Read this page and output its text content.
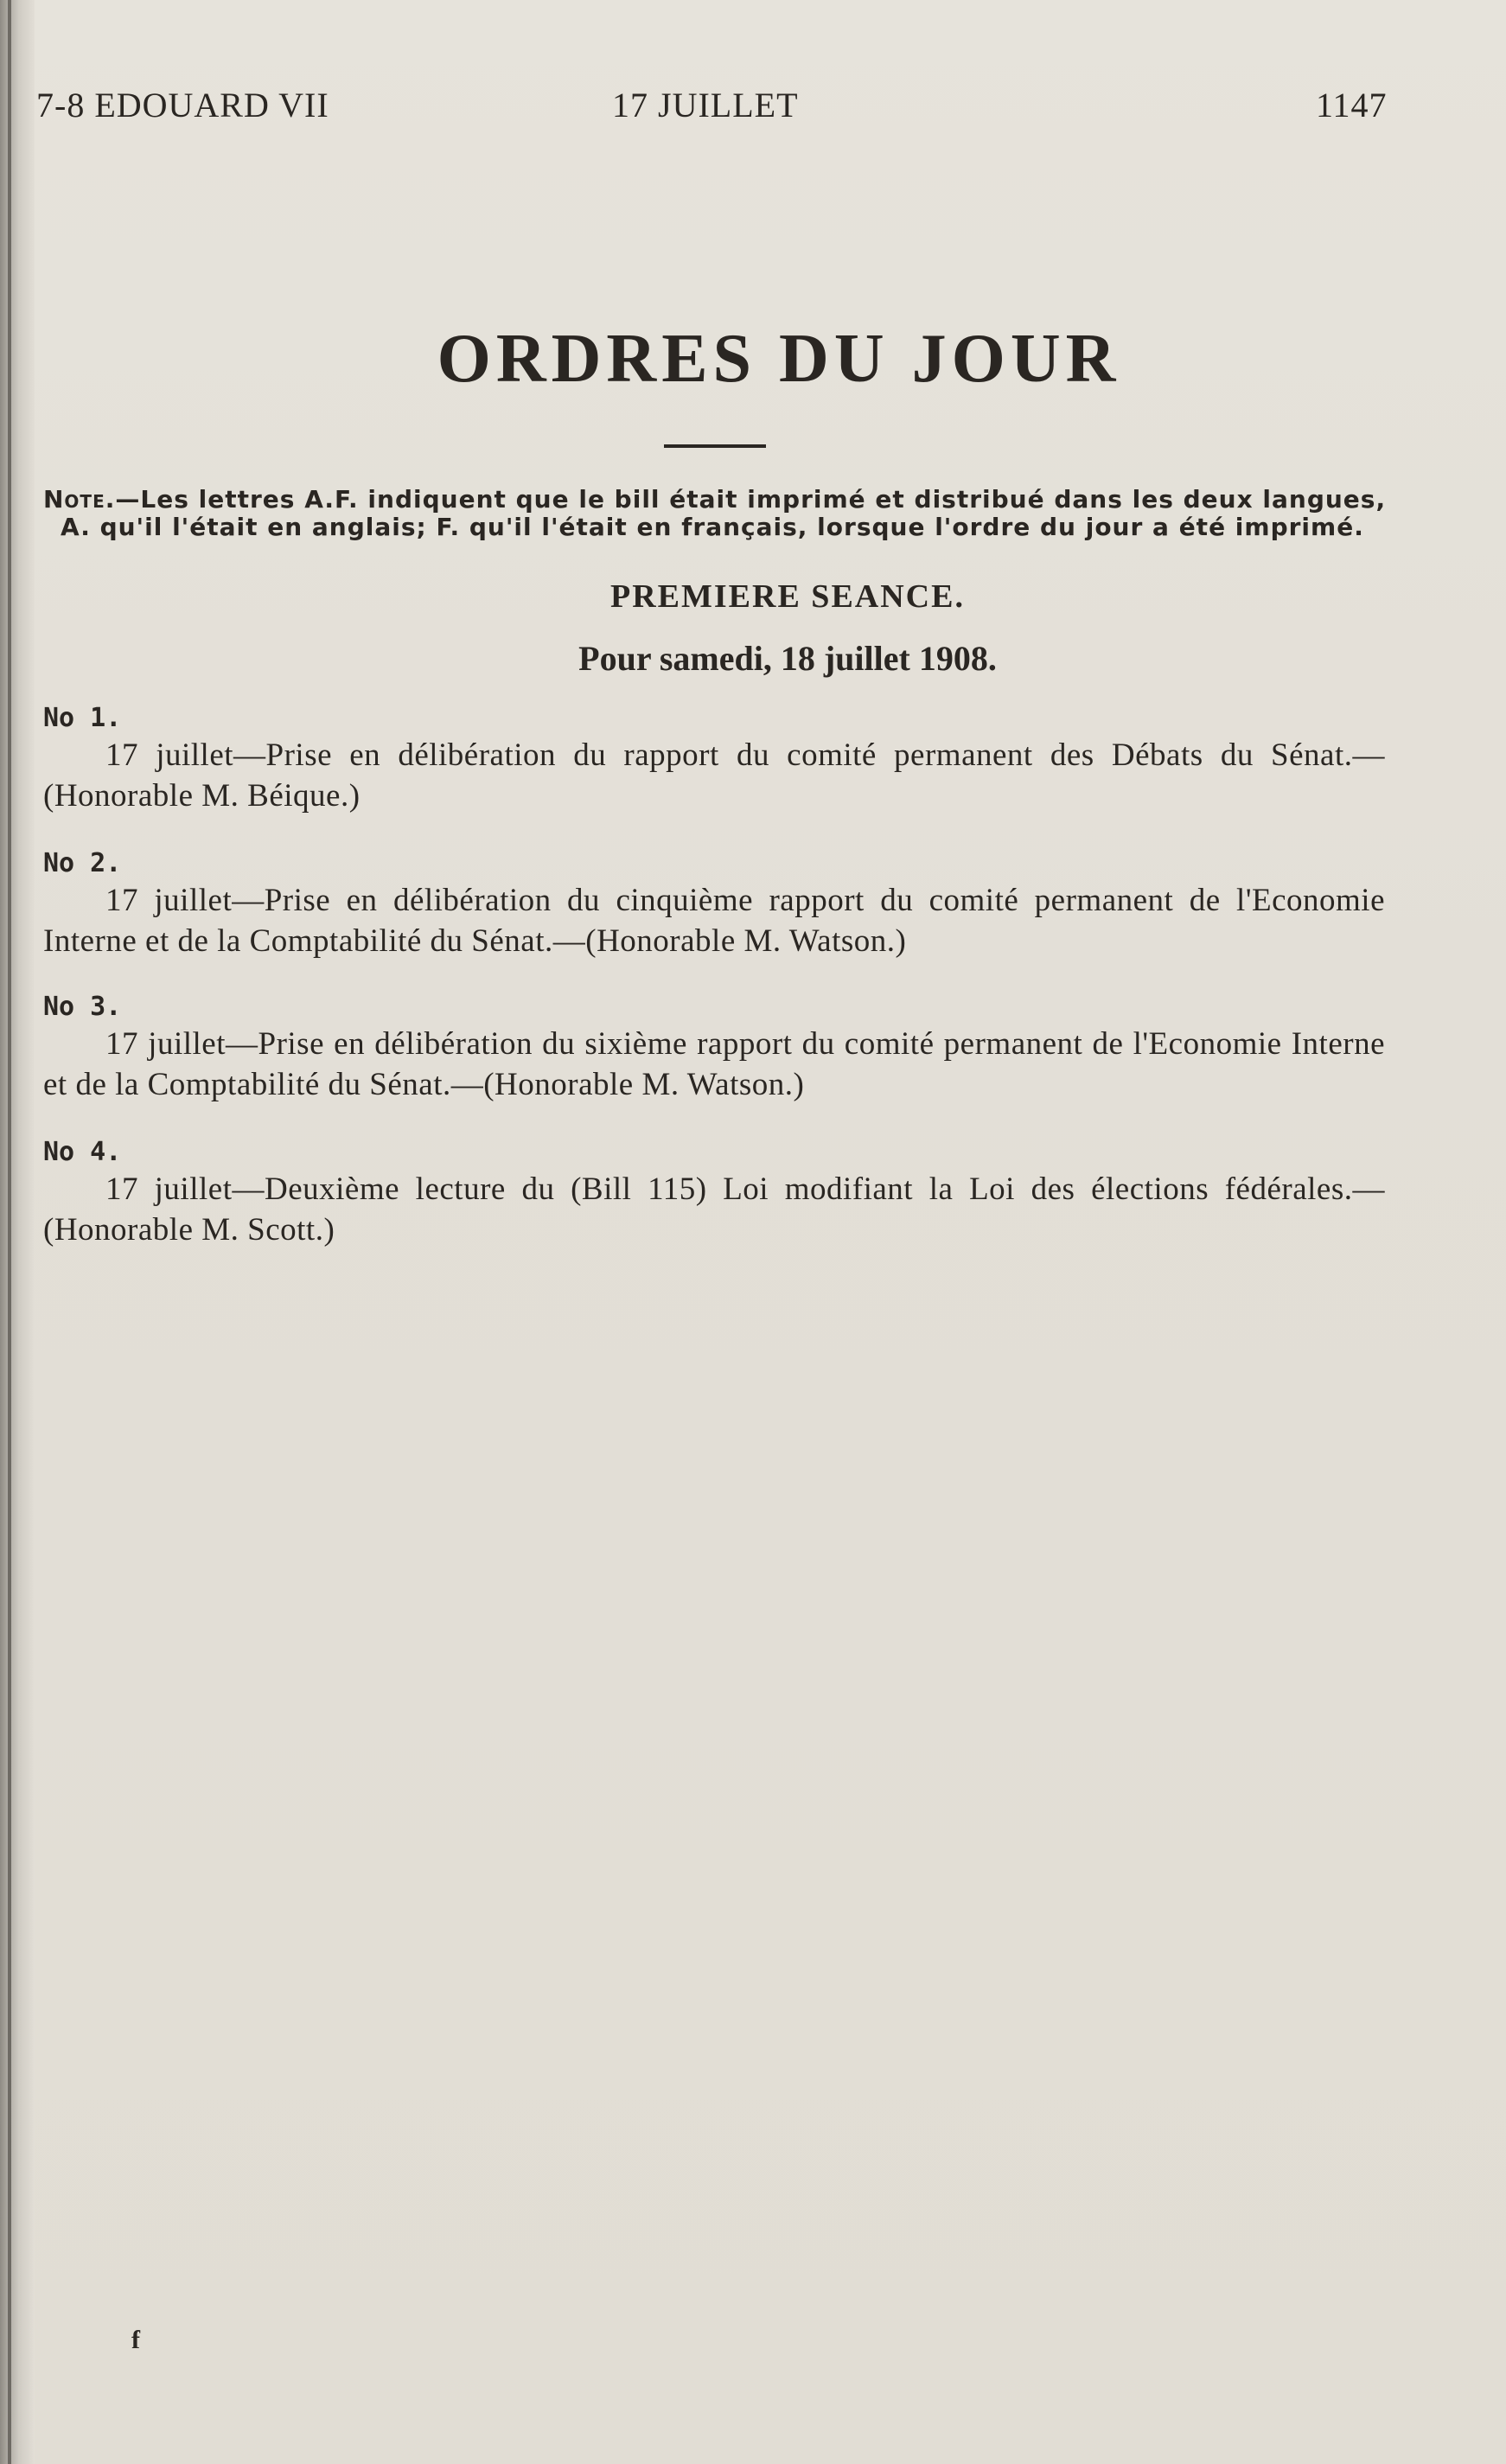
7-8 EDOUARD VII	17 JUILLET	1147
ORDRES DU JOUR
Note.—Les lettres A.F. indiquent que le bill était imprimé et distribué dans les deux langues,
A. qu'il l'était en anglais; F. qu'il l'était en français, lorsque l'ordre du jour a été imprimé.
PREMIERE SEANCE.
Pour samedi, 18 juillet 1908.
No 1.
17 juillet—Prise en délibération du rapport du comité permanent des Débats du Sénat.—(Honorable M. Béique.)
No 2.
17 juillet—Prise en délibération du cinquième rapport du comité permanent de l'Economie Interne et de la Comptabilité du Sénat.—(Honorable M. Watson.)
No 3.
17 juillet—Prise en délibération du sixième rapport du comité permanent de l'Economie Interne et de la Comptabilité du Sénat.—(Honorable M. Watson.)
No 4.
17 juillet—Deuxième lecture du (Bill 115) Loi modifiant la Loi des élections fédérales.—(Honorable M. Scott.)
f
